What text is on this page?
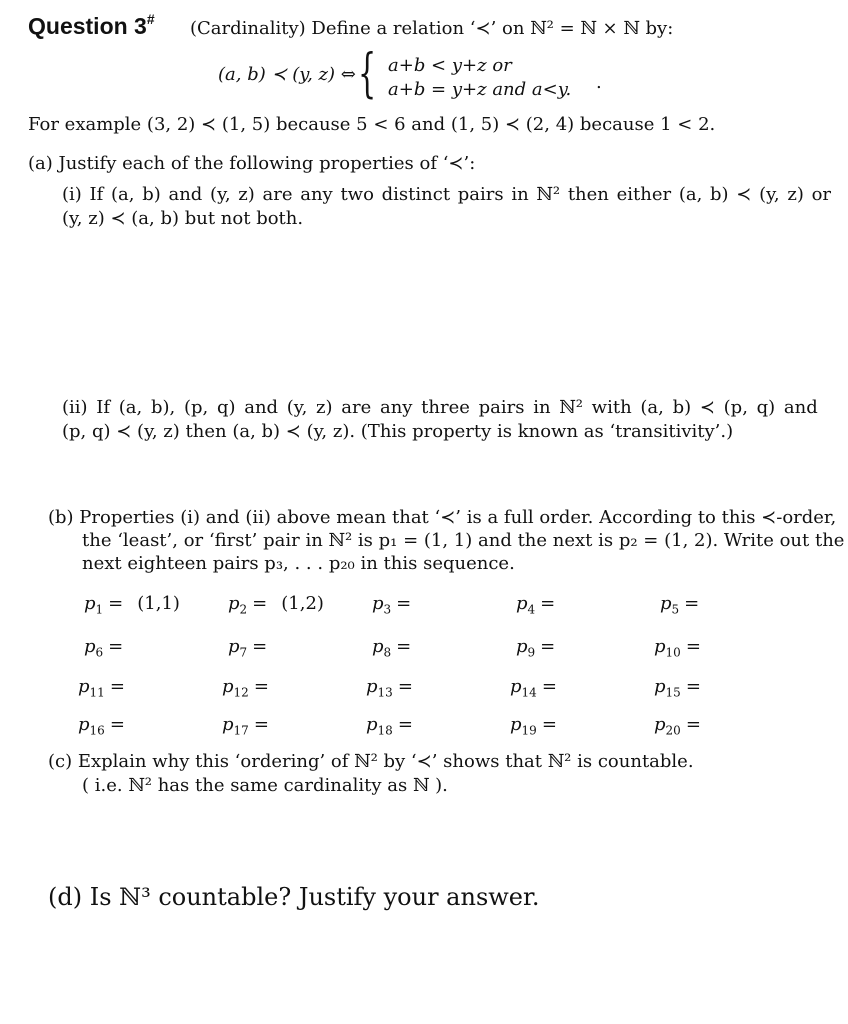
Question 3# (Cardinality) Define a relation ‘≺’ on ℕ² = ℕ × ℕ by:
(a, b) ≺ (y, z) ⇔ { a+b < y+z or
a+b = y+z and a<y. .
For example (3, 2) ≺ (1, 5) because 5 < 6 and (1, 5) ≺ (2, 4) because 1 < 2.
(a) Justify each of the following properties of ‘≺’:
(i) If (a, b) and (y, z) are any two distinct pairs in ℕ² then either (a, b) ≺ (y, z) or
(y, z) ≺ (a, b) but not both.
(ii) If (a, b), (p, q) and (y, z) are any three pairs in ℕ² with (a, b) ≺ (p, q) and
(p, q) ≺ (y, z) then (a, b) ≺ (y, z). (This property is known as ‘transitivity’.)
(b) Properties (i) and (ii) above mean that ‘≺’ is a full order. According to this ≺-order,
the ‘least’, or ‘first’ pair in ℕ² is p₁ = (1, 1) and the next is p₂ = (1, 2). Write out the
next eighteen pairs p₃, . . . p₂₀ in this sequence.
$p_1 = (1,1)$	$p_2 = (1,2)$	$p_3$ =	$p_4$ =	$p_5$ =
$p_6$ =	$p_7$ =	$p_8$ =	$p_9$ =	$p_{10}$ =
$p_{11}$ =	$p_{12}$ =	$p_{13}$ =	$p_{14}$ =	$p_{15}$ =
$p_{16}$ =	$p_{17}$ =	$p_{18}$ =	$p_{19}$ =	$p_{20}$ =
(c) Explain why this ‘ordering’ of ℕ² by ‘≺’ shows that ℕ² is countable.
( i.e. ℕ² has the same cardinality as ℕ ).
(d) Is ℕ³ countable? Justify your answer.
